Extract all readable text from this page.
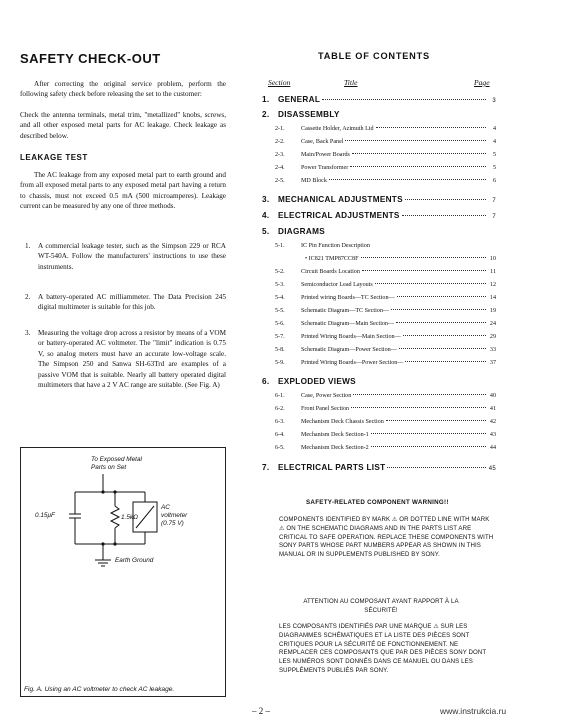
SAFETY CHECK-OUT
After correcting the original service problem, perform the following safety check before releasing the set to the customer:
Check the antenna terminals, metal trim, "metallized" knobs, screws, and all other exposed metal parts for AC leakage. Check leakage as described below.
LEAKAGE TEST
The AC leakage from any exposed metal part to earth ground and from all exposed metal parts to any exposed metal part having a return to chassis, must not exceed 0.5 mA (500 microamperes). Leakage current can be measured by any one of three methods.
1. A commercial leakage tester, such as the Simpson 229 or RCA WT-540A. Follow the manufacturers' instructions to use these instruments.
2. A battery-operated AC milliammeter. The Data Precision 245 digital multimeter is suitable for this job.
3. Measuring the voltage drop across a resistor by means of a VOM or battery-operated AC voltmeter. The "limit" indication is 0.75 V, so analog meters must have an accurate low-voltage scale. The Simpson 250 and Sanwa SH-63Trd are examples of a passive VOM that is suitable. Nearly all battery operated digital multimeters that have a 2 V AC range are suitable. (See Fig. A)
To Exposed Metal
Parts on Set
0.15μF	1.5kΩ
AC
voltmeter
(0.75 V)
Earth Ground
Fig. A. Using an AC voltmeter to check AC leakage.
TABLE OF CONTENTS
Section	Title	Page
1.	GENERAL	3
2.	DISASSEMBLY
2-1.	Cassette Holder, Azimuth Lid	4
2-2.	Case, Back Panel	4
2-3.	Main/Power Boards	5
2-4.	Power Transformer	5
2-5.	MD Block	6
3.	MECHANICAL ADJUSTMENTS	7
4.	ELECTRICAL ADJUSTMENTS	7
5.	DIAGRAMS
5-1.	IC Pin Function Description
• IC821 TMP87CC8F	10
5-2.	Circuit Boards Location	11
5-3.	Semiconductor Lead Layouts	12
5-4.	Printed wiring Boards—TC Section—	14
5-5.	Schematic Diagram—TC Section—	19
5-6.	Schematic Diagram—Main Section—	24
5-7.	Printed Wiring Boards—Main Section—	29
5-8.	Schematic Diagram—Power Section—	33
5-9.	Printed Wiring Boards—Power Section—	37
6.	EXPLODED VIEWS
6-1.	Case, Power Section	40
6-2.	Front Panel Section	41
6-3.	Mechanism Deck Chassis Section	42
6-4.	Mechanism Deck Section-1	43
6-5.	Mechanism Deck Section-2	44
7.	ELECTRICAL PARTS LIST	45
SAFETY-RELATED COMPONENT WARNING!!
COMPONENTS IDENTIFIED BY MARK ⚠ OR DOTTED LINE WITH MARK ⚠ ON THE SCHEMATIC DIAGRAMS AND IN THE PARTS LIST ARE CRITICAL TO SAFE OPERATION. REPLACE THESE COMPONENTS WITH SONY PARTS WHOSE PART NUMBERS APPEAR AS SHOWN IN THIS MANUAL OR IN SUPPLEMENTS PUBLISHED BY SONY.
ATTENTION AU COMPOSANT AYANT RAPPORT À LA SÉCURITÉ!
LES COMPOSANTS IDENTIFIÉS PAR UNE MARQUE ⚠ SUR LES DIAGRAMMES SCHÉMATIQUES ET LA LISTE DES PIÈCES SONT CRITIQUES POUR LA SÉCURITÉ DE FONCTIONNEMENT. NE REMPLACER CES COMPOSANTS QUE PAR DES PIÈCES SONY DONT LES NUMÉROS SONT DONNÉS DANS CE MANUEL OU DANS LES SUPPLÉMENTS PUBLIÉS PAR SONY.
– 2 –	www.instrukcia.ru
